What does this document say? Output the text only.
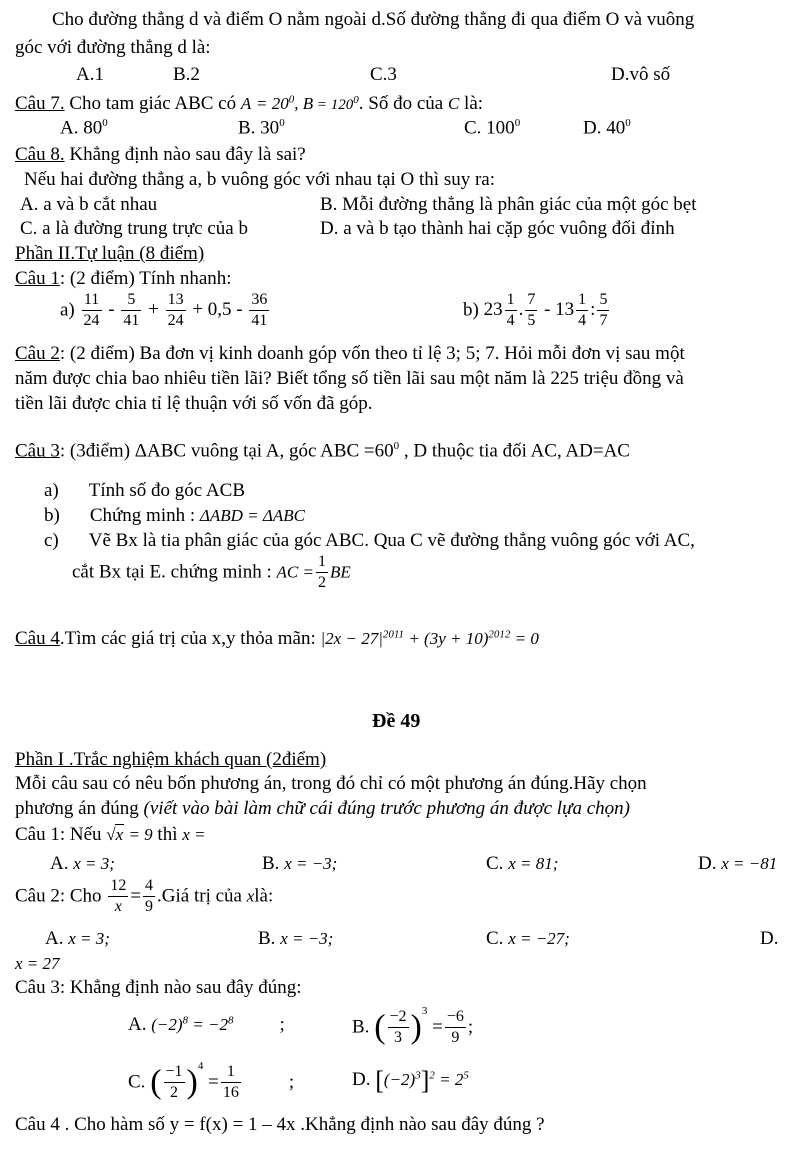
Cho đường thẳng d và điểm O nằm ngoài d.Số đường thẳng đi qua điểm O và vuông
góc với đường thẳng d là:
A.1	B.2	C.3	D.vô số
Câu 7. Cho tam giác ABC có $A = 20^0$, $B = 120^0$. Số đo của C là:
A. $80^0$	B. $30^0$	C. $100^0$	D. $40^0$
Câu 8. Khẳng định nào sau đây là sai?
Nếu hai đường thẳng a, b vuông góc với nhau tại O thì suy ra:
A. a và b cắt nhau	B. Mỗi đường thẳng là phân giác của một góc bẹt
C. a là đường trung trực của b	D. a và b tạo thành hai cặp góc vuông đối đỉnh
Phần II.Tự luận (8 điểm)
Câu 1: (2 điểm) Tính nhanh:
$a) \frac{11}{24} - \frac{5}{41} + \frac{13}{24} + 0,5 - \frac{36}{41}$	b) $23 \frac{1}{4}$ . $\frac{7}{5} - 13 \frac{1}{4}$ : $\frac{5}{7}$
Câu 2: (2 điểm) Ba đơn vị kinh doanh góp vốn theo tỉ lệ 3; 5; 7. Hỏi mỗi đơn vị sau một
năm được chia bao nhiêu tiền lãi? Biết tổng số tiền lãi sau một năm là 225 triệu đồng và
tiền lãi được chia tỉ lệ thuận với số vốn đã góp.
Câu 3: (3điểm) ΔABC vuông tại A, góc ABC $=60^0$ , D thuộc tia đối AC, AD=AC
a) Tính số đo góc ACB
b) Chứng minh : ΔABD = ΔABC
c) Vẽ Bx là tia phân giác của góc ABC. Qua C vẽ đường thẳng vuông góc với AC,
cắt Bx tại E. chứng minh : AC = $\frac{1}{2}$ BE
Câu 4.Tìm các giá trị của x,y thỏa mãn: $|2x - 27|^{2011} + (3y + 10)^{2012} = 0$
Đề 49
Phần I .Trắc nghiệm khách quan (2điểm)
Mỗi câu sau có nêu bốn phương án, trong đó chỉ có một phương án đúng.Hãy chọn
phương án đúng (viết vào bài làm chữ cái đúng trước phương án được lựa chọn)
Câu 1: Nếu √x = 9 thì x =
A. x = 3;	B. x = −3;	C. x = 81;	D. x = −81
Câu 2: Cho $\frac{12}{x} = \frac{4}{9}$ .Giá trị của xlà:
A. x = 3;	B. x = −3;	C. x = −27;	D.
x = 27
Câu 3: Khẳng định nào sau đây đúng:
A. $(-2)^8 = -2^8$ ;	B. ( $\frac{-2}{3} )^3 = \frac{-6}{9}$ ;
C. ( $\frac{-1}{2} )^4 = \frac{1}{16}$	;	D. $[(-2)^3]^2 = 2^5$
Câu 4 . Cho hàm số y = f(x) = 1 – 4x .Khẳng định nào sau đây đúng ?
